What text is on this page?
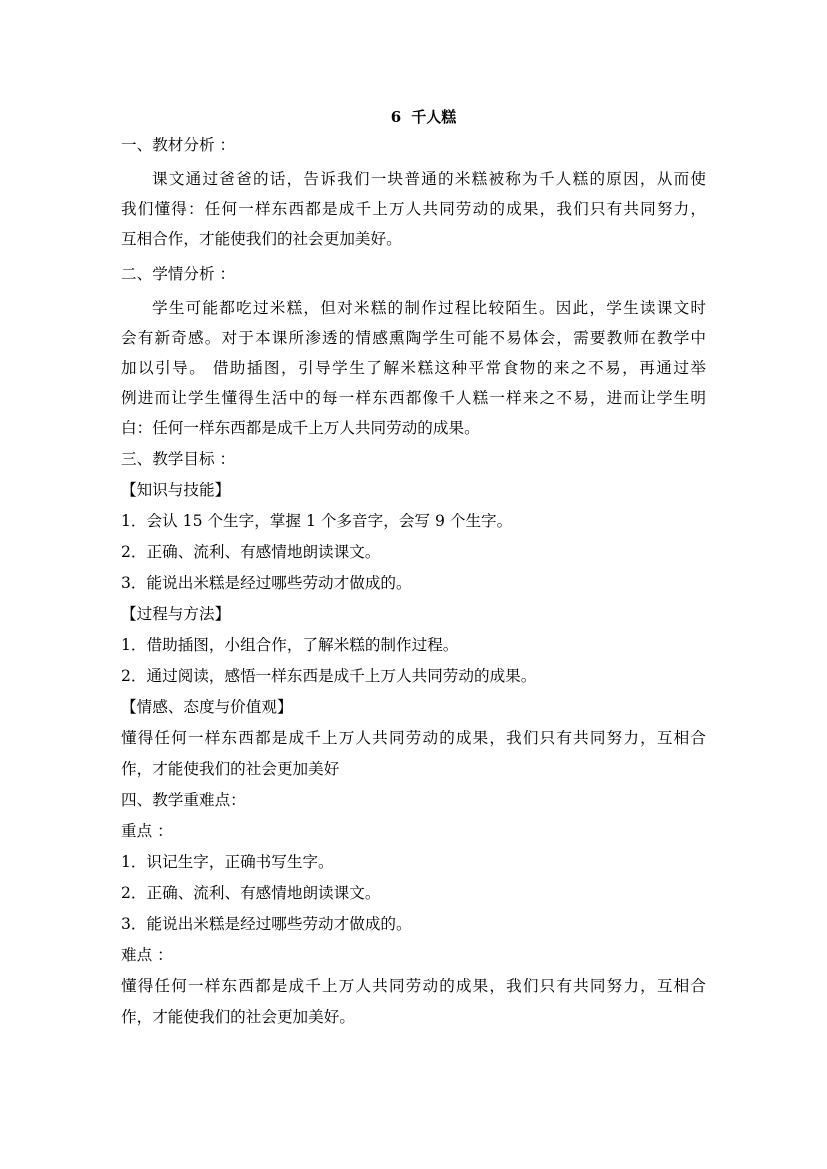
6 千人糕
一、教材分析 ：
课文通过爸爸的话，告诉我们一块普通的米糕被称为千人糕的原因，从而使
我们懂得：任何一样东西都是成千上万人共同劳动的成果，我们只有共同努力，
互相合作，才能使我们的社会更加美好。
二、学情分析 ：
学生可能都吃过米糕，但对米糕的制作过程比较陌生。因此，学生读课文时
会有新奇感。对于本课所渗透的情感熏陶学生可能不易体会，需要教师在教学中
加以引导。 借助插图，引导学生了解米糕这种平常食物的来之不易，再通过举
例进而让学生懂得生活中的每一样东西都像千人糕一样来之不易，进而让学生明
白：任何一样东西都是成千上万人共同劳动的成果。
三、教学目标 ：
【知识与技能】
1．会认 15 个生字，掌握 1 个多音字，会写 9 个生字。
2．正确、流利、有感情地朗读课文。
3．能说出米糕是经过哪些劳动才做成的。
【过程与方法】
1．借助插图，小组合作，了解米糕的制作过程。
2．通过阅读，感悟一样东西是成千上万人共同劳动的成果。
【情感、态度与价值观】
懂得任何一样东西都是成千上万人共同劳动的成果，我们只有共同努力，互相合
作，才能使我们的社会更加美好
四、教学重难点：
重点 ：
1．识记生字，正确书写生字。
2．正确、流利、有感情地朗读课文。
3．能说出米糕是经过哪些劳动才做成的。
难点 ：
懂得任何一样东西都是成千上万人共同劳动的成果，我们只有共同努力，互相合
作，才能使我们的社会更加美好。
